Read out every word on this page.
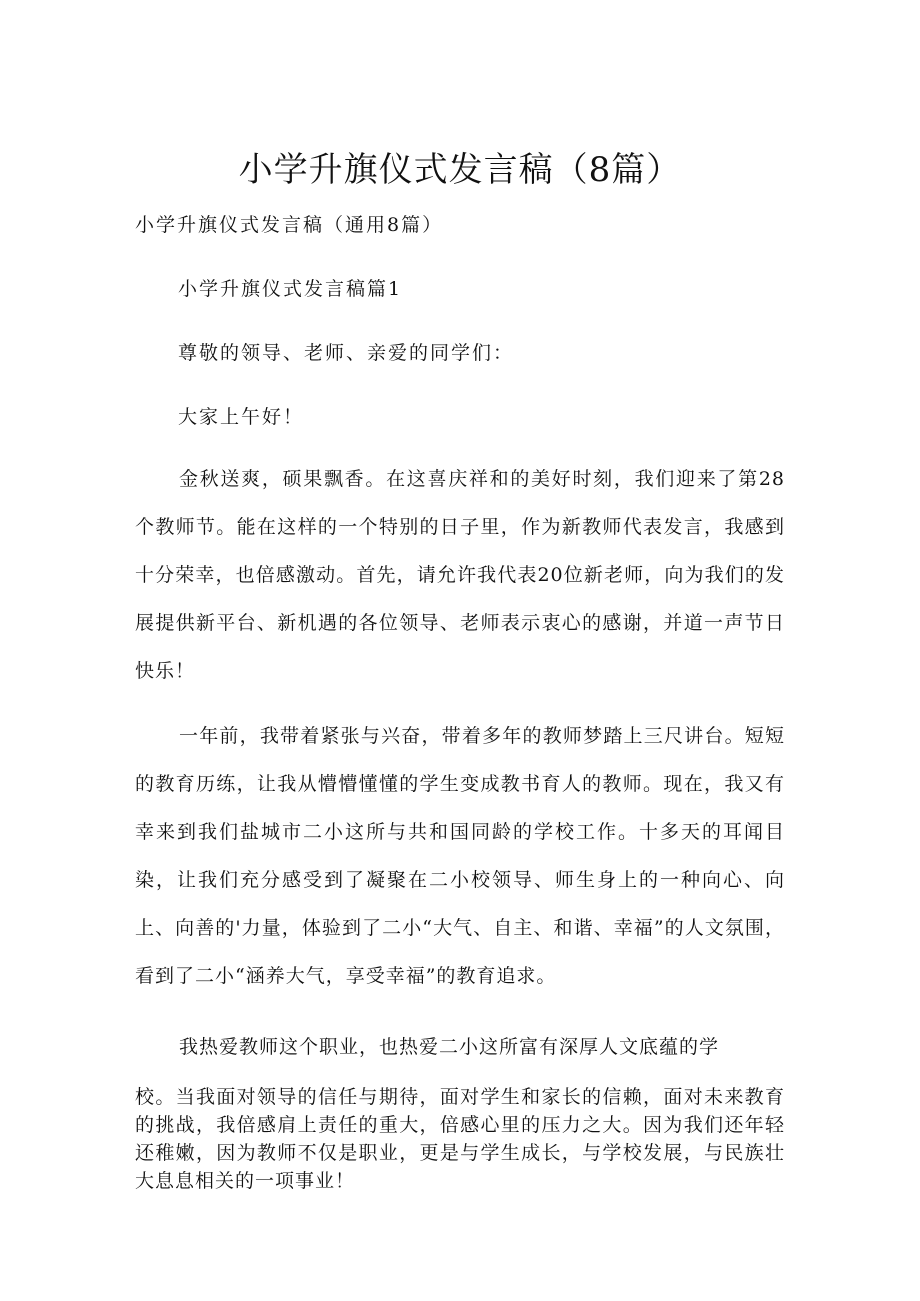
小学升旗仪式发言稿（8篇）
小学升旗仪式发言稿（通用8篇）
小学升旗仪式发言稿篇1
尊敬的领导、老师、亲爱的同学们：
大家上午好！

金秋送爽，硕果飘香。在这喜庆祥和的美好时刻，我们迎来了第28个教师节。能在这样的一个特别的日子里，作为新教师代表发言，我感到十分荣幸，也倍感激动。首先，请允许我代表20位新老师，向为我们的发展提供新平台、新机遇的各位领导、老师表示衷心的感谢，并道一声节日快乐！

一年前，我带着紧张与兴奋，带着多年的教师梦踏上三尺讲台。短短的教育历练，让我从懵懵懂懂的学生变成教书育人的教师。现在，我又有幸来到我们盐城市二小这所与共和国同龄的学校工作。十多天的耳闻目染，让我们充分感受到了凝聚在二小校领导、师生身上的一种向心、向上、向善的'力量，体验到了二小“大气、自主、和谐、幸福”的人文氛围，看到了二小“涵养大气，享受幸福”的教育追求。

我热爱教师这个职业，也热爱二小这所富有深厚人文底蕴的学

校。当我面对领导的信任与期待，面对学生和家长的信赖，面对未来教育的挑战，我倍感肩上责任的重大，倍感心里的压力之大。因为我们还年轻还稚嫩，因为教师不仅是职业，更是与学生成长，与学校发展，与民族壮大息息相关的一项事业！
